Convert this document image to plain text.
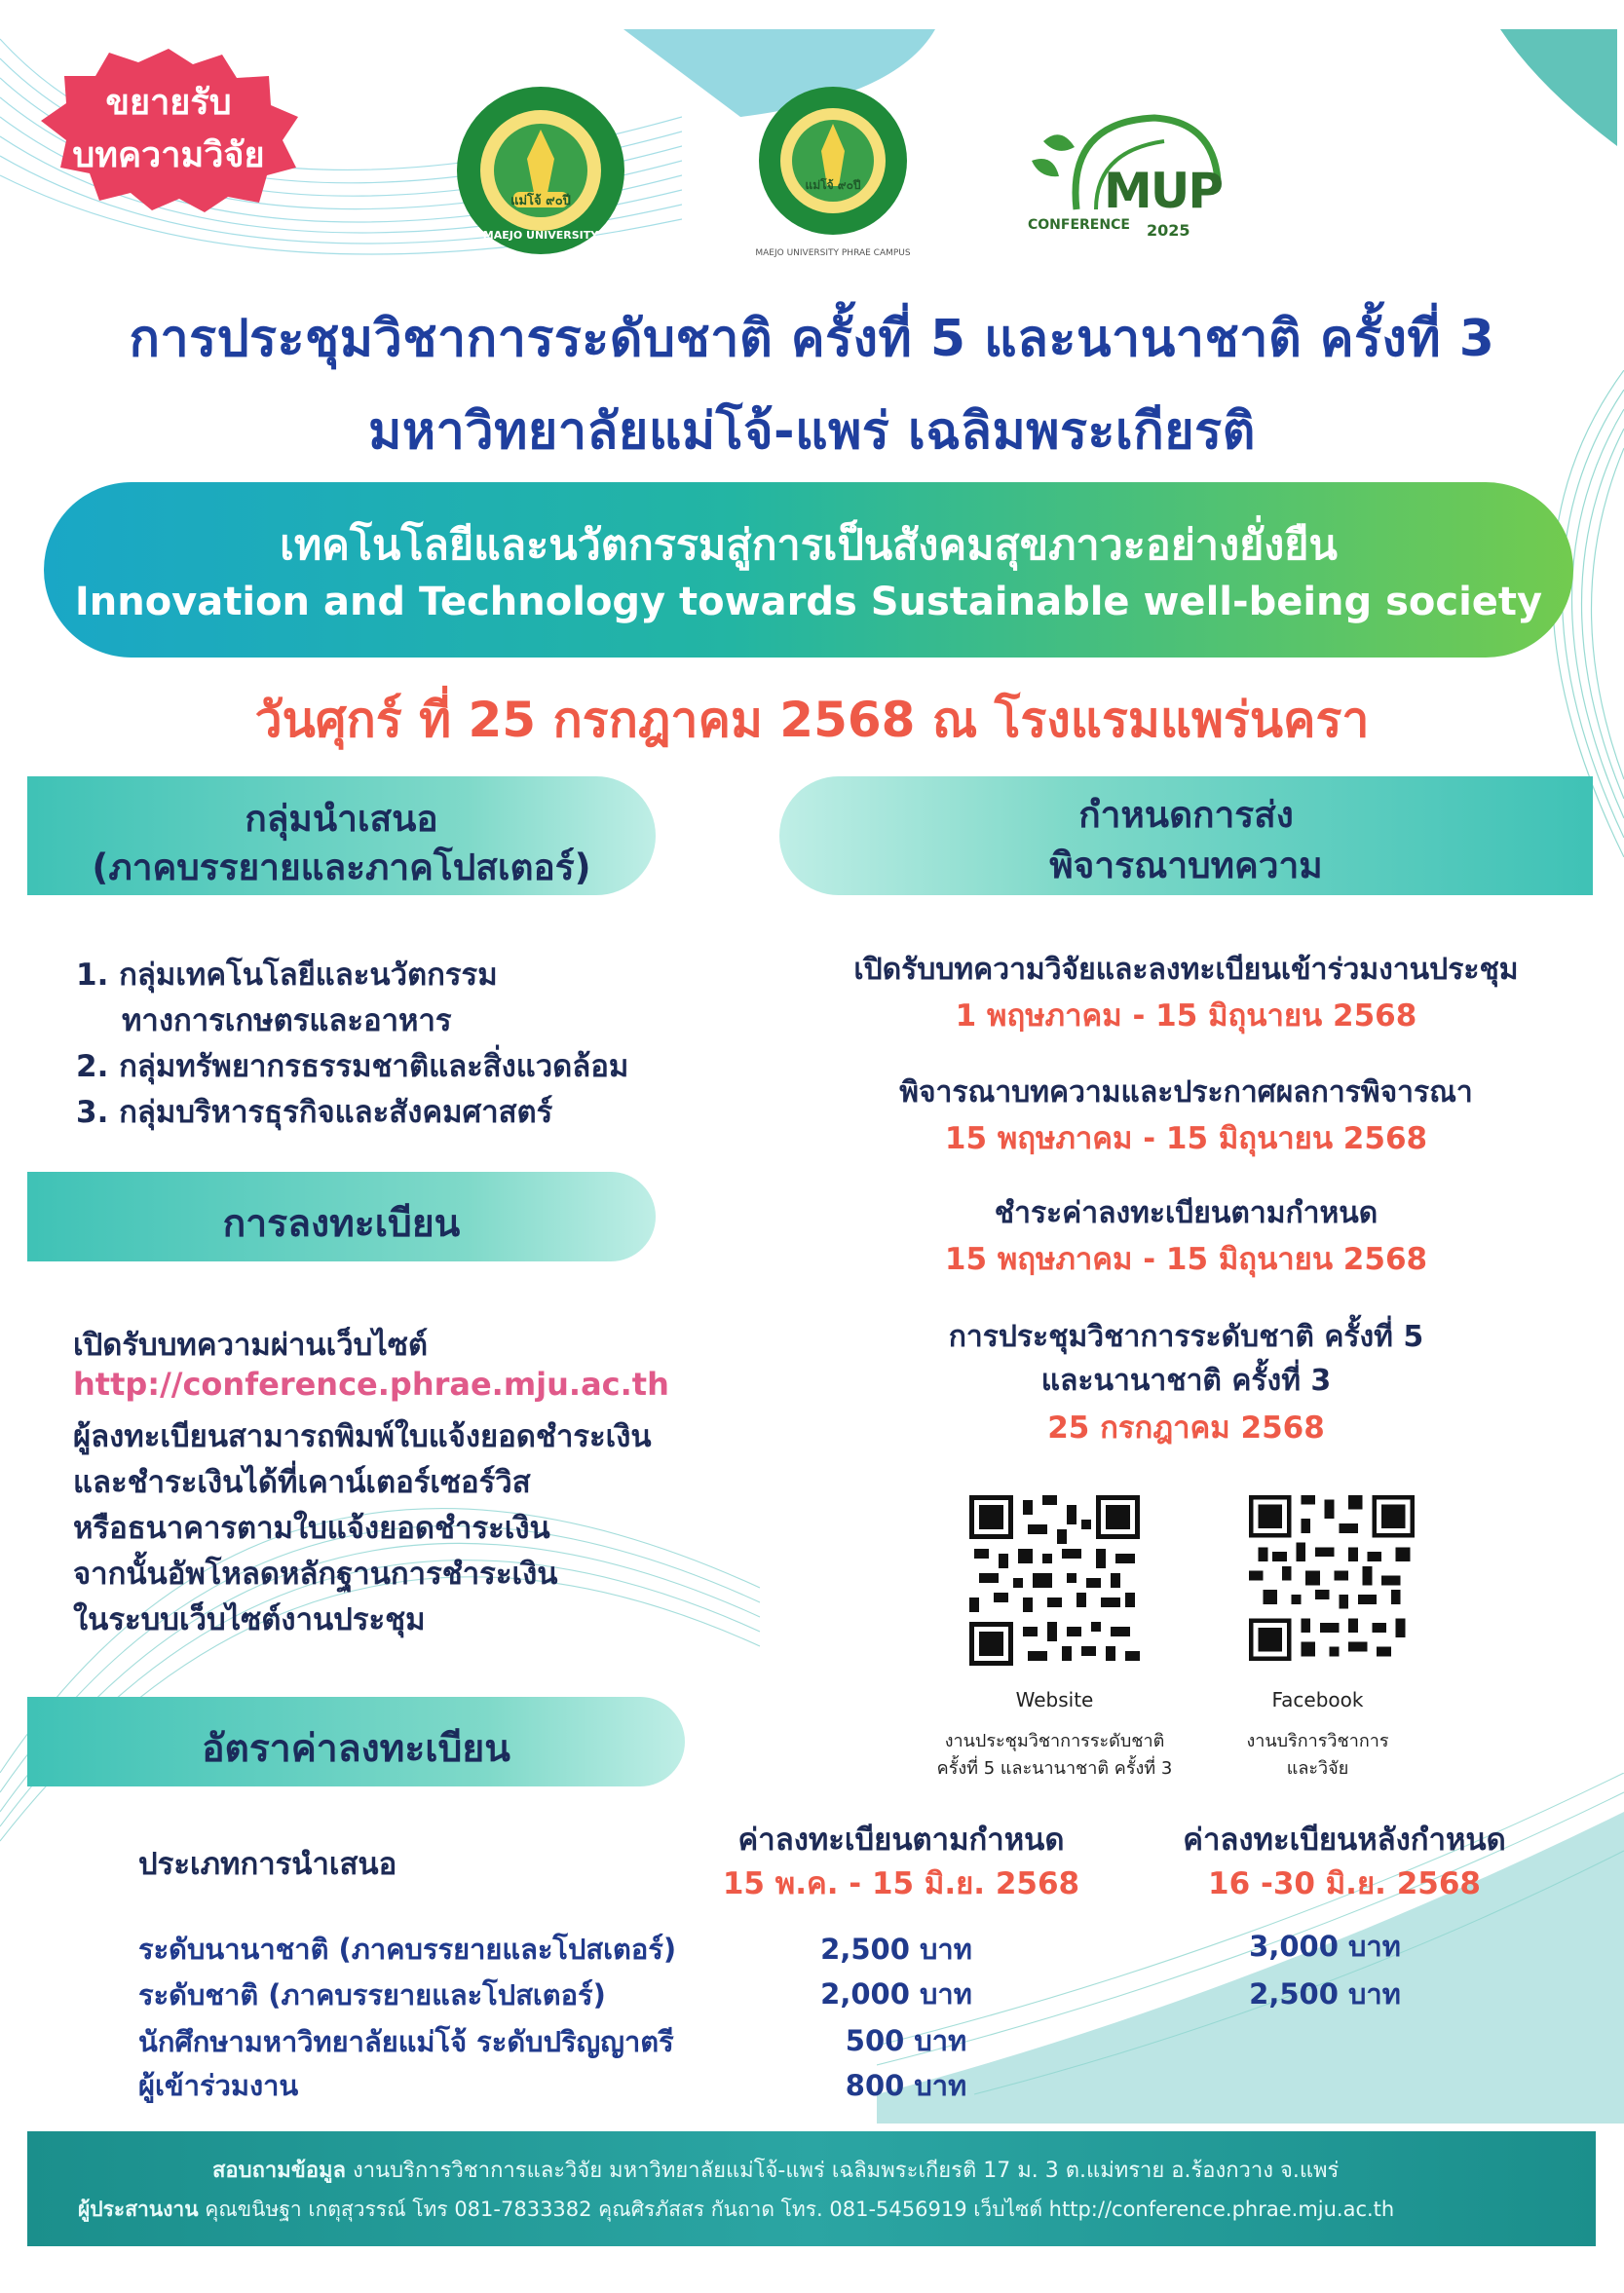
ขยายรับ
บทความวิจัย
แม่โจ้ ๙๐ปี
MAEJO UNIVERSITY
แม่โจ้ ๙๐ปี
MAEJO UNIVERSITY PHRAE CAMPUS
MUP
CONFERENCE 2025
การประชุมวิชาการระดับชาติ ครั้งที่ 5 และนานาชาติ ครั้งที่ 3
มหาวิทยาลัยแม่โจ้-แพร่ เฉลิมพระเกียรติ
เทคโนโลยีและนวัตกรรมสู่การเป็นสังคมสุขภาวะอย่างยั่งยืน
Innovation and Technology towards Sustainable well-being society
วันศุกร์ ที่ 25 กรกฎาคม 2568 ณ โรงแรมแพร่นครา
กลุ่มนำเสนอ
(ภาคบรรยายและภาคโปสเตอร์)
กำหนดการส่ง
พิจารณาบทความ
1. กลุ่มเทคโนโลยีและนวัตกรรม
ทางการเกษตรและอาหาร
2. กลุ่มทรัพยากรธรรมชาติและสิ่งแวดล้อม
3. กลุ่มบริหารธุรกิจและสังคมศาสตร์
เปิดรับบทความวิจัยและลงทะเบียนเข้าร่วมงานประชุม
1 พฤษภาคม - 15 มิถุนายน 2568
พิจารณาบทความและประกาศผลการพิจารณา
15 พฤษภาคม - 15 มิถุนายน 2568
ชำระค่าลงทะเบียนตามกำหนด
15 พฤษภาคม - 15 มิถุนายน 2568
การประชุมวิชาการระดับชาติ ครั้งที่ 5
และนานาชาติ ครั้งที่ 3
25 กรกฎาคม 2568
การลงทะเบียน
เปิดรับบทความผ่านเว็บไซต์
http://conference.phrae.mju.ac.th
ผู้ลงทะเบียนสามารถพิมพ์ใบแจ้งยอดชำระเงิน
และชำระเงินได้ที่เคาน์เตอร์เซอร์วิส
หรือธนาคารตามใบแจ้งยอดชำระเงิน
จากนั้นอัพโหลดหลักฐานการชำระเงิน
ในระบบเว็บไซต์งานประชุม
Website
งานประชุมวิชาการระดับชาติ
ครั้งที่ 5 และนานาชาติ ครั้งที่ 3
Facebook
งานบริการวิชาการ
และวิจัย
อัตราค่าลงทะเบียน
ประเภทการนำเสนอ
ค่าลงทะเบียนตามกำหนด
15 พ.ค. - 15 มิ.ย. 2568
ค่าลงทะเบียนหลังกำหนด
16 -30 มิ.ย. 2568
ระดับนานาชาติ (ภาคบรรยายและโปสเตอร์)	2,500 บาท	3,000 บาท
ระดับชาติ (ภาคบรรยายและโปสเตอร์)	2,000 บาท	2,500 บาท
นักศึกษามหาวิทยาลัยแม่โจ้ ระดับปริญญาตรี	500 บาท
ผู้เข้าร่วมงาน	800 บาท
สอบถามข้อมูล งานบริการวิชาการและวิจัย มหาวิทยาลัยแม่โจ้-แพร่ เฉลิมพระเกียรติ 17 ม. 3 ต.แม่ทราย อ.ร้องกวาง จ.แพร่
ผู้ประสานงาน คุณขนิษฐา เกตุสุวรรณ์ โทร 081-7833382 คุณศิรภัสสร กันถาด โทร. 081-5456919 เว็บไซต์ http://conference.phrae.mju.ac.th
